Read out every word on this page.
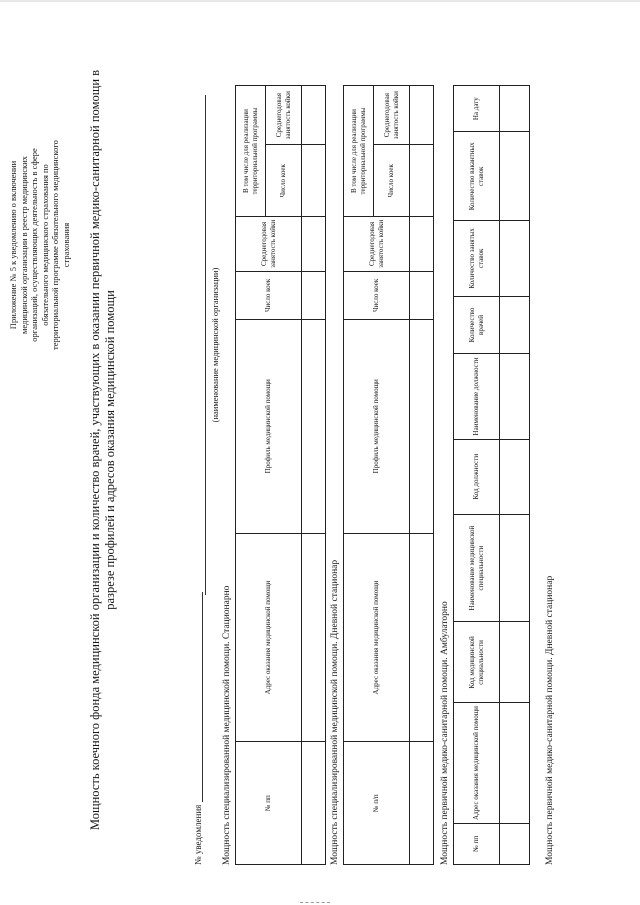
Приложение № 5 к уведомлению о включении медицинской организации в реестр медицинских организаций, осуществляющих деятельность в сфере обязательного медицинского страхования по территориальной программе обязательного медицинского страхования Мощность коечного фонда медицинской организации и количество врачей, участвующих в оказании первичной медико-санитарной помощи в разрезе профилей и адресов оказания медицинской помощи
№ уведомления
(наименование медицинской организации)
Мощность специализированной медицинской помощи. Стационарно	№ пп	Адрес оказания медицинской помощи	Профиль медицинской помощи	Число коек	Среднегодовая занятость койки	В том числе для реализации территориальной программы	
					Число коек	Среднегодовая занятость койки

Мощность специализированной медицинской помощи. Дневной стационар	№ п/п	Адрес оказания медицинской помощи	Профиль медицинской помощи	Число коек	Среднегодовая занятость койки	В том числе для реализации территориальной программы	
					Число коек	Среднегодовая занятость койки

Мощность первичной медико-санитарной помощи. Амбулаторно	№ пп	Адрес оказания медицинской помощи	Код медицинской специальности	Наименование медицинской специальности	Код должности	Наименование должности	Количество врачей	Количество занятых ставок	Количество вакантных ставок	На дату

Мощность первичной медико-санитарной помощи. Дневной стационар
